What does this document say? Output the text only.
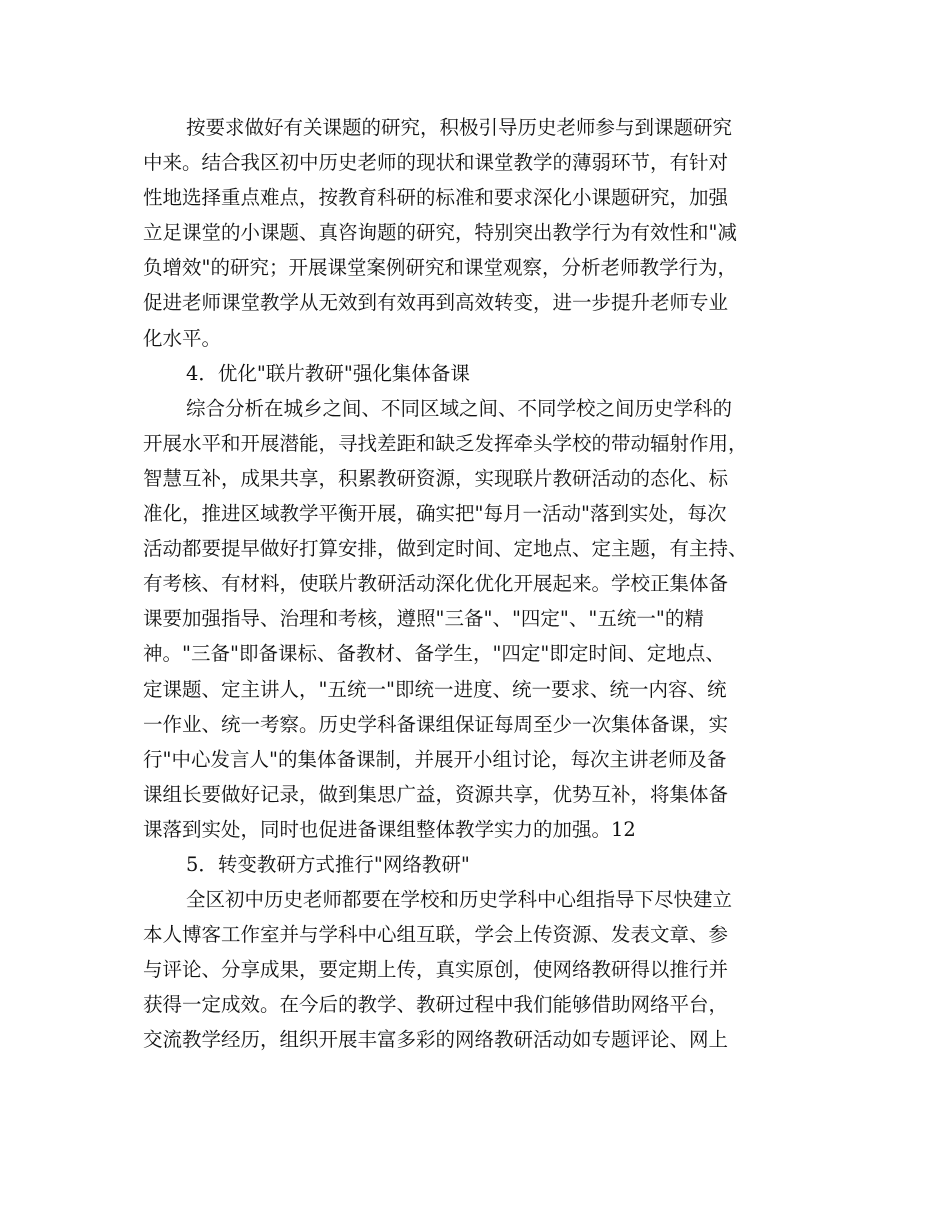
按要求做好有关课题的研究，积极引导历史老师参与到课题研究
中来。结合我区初中历史老师的现状和课堂教学的薄弱环节，有针对
性地选择重点难点，按教育科研的标准和要求深化小课题研究，加强
立足课堂的小课题、真咨询题的研究，特别突出教学行为有效性和"减
负增效"的研究；开展课堂案例研究和课堂观察，分析老师教学行为，
促进老师课堂教学从无效到有效再到高效转变，进一步提升老师专业
化水平。
4．优化"联片教研"强化集体备课
综合分析在城乡之间、不同区域之间、不同学校之间历史学科的
开展水平和开展潜能，寻找差距和缺乏发挥牵头学校的带动辐射作用，
智慧互补，成果共享，积累教研资源，实现联片教研活动的态化、标
准化，推进区域教学平衡开展，确实把"每月一活动"落到实处，每次
活动都要提早做好打算安排，做到定时间、定地点、定主题，有主持、
有考核、有材料，使联片教研活动深化优化开展起来。学校正集体备
课要加强指导、治理和考核，遵照"三备"、"四定"、"五统一"的精
神。"三备"即备课标、备教材、备学生，"四定"即定时间、定地点、
定课题、定主讲人，"五统一"即统一进度、统一要求、统一内容、统
一作业、统一考察。历史学科备课组保证每周至少一次集体备课，实
行"中心发言人"的集体备课制，并展开小组讨论，每次主讲老师及备
课组长要做好记录，做到集思广益，资源共享，优势互补，将集体备
课落到实处，同时也促进备课组整体教学实力的加强。12
5．转变教研方式推行"网络教研"
全区初中历史老师都要在学校和历史学科中心组指导下尽快建立
本人博客工作室并与学科中心组互联，学会上传资源、发表文章、参
与评论、分享成果，要定期上传，真实原创，使网络教研得以推行并
获得一定成效。在今后的教学、教研过程中我们能够借助网络平台，
交流教学经历，组织开展丰富多彩的网络教研活动如专题评论、网上
